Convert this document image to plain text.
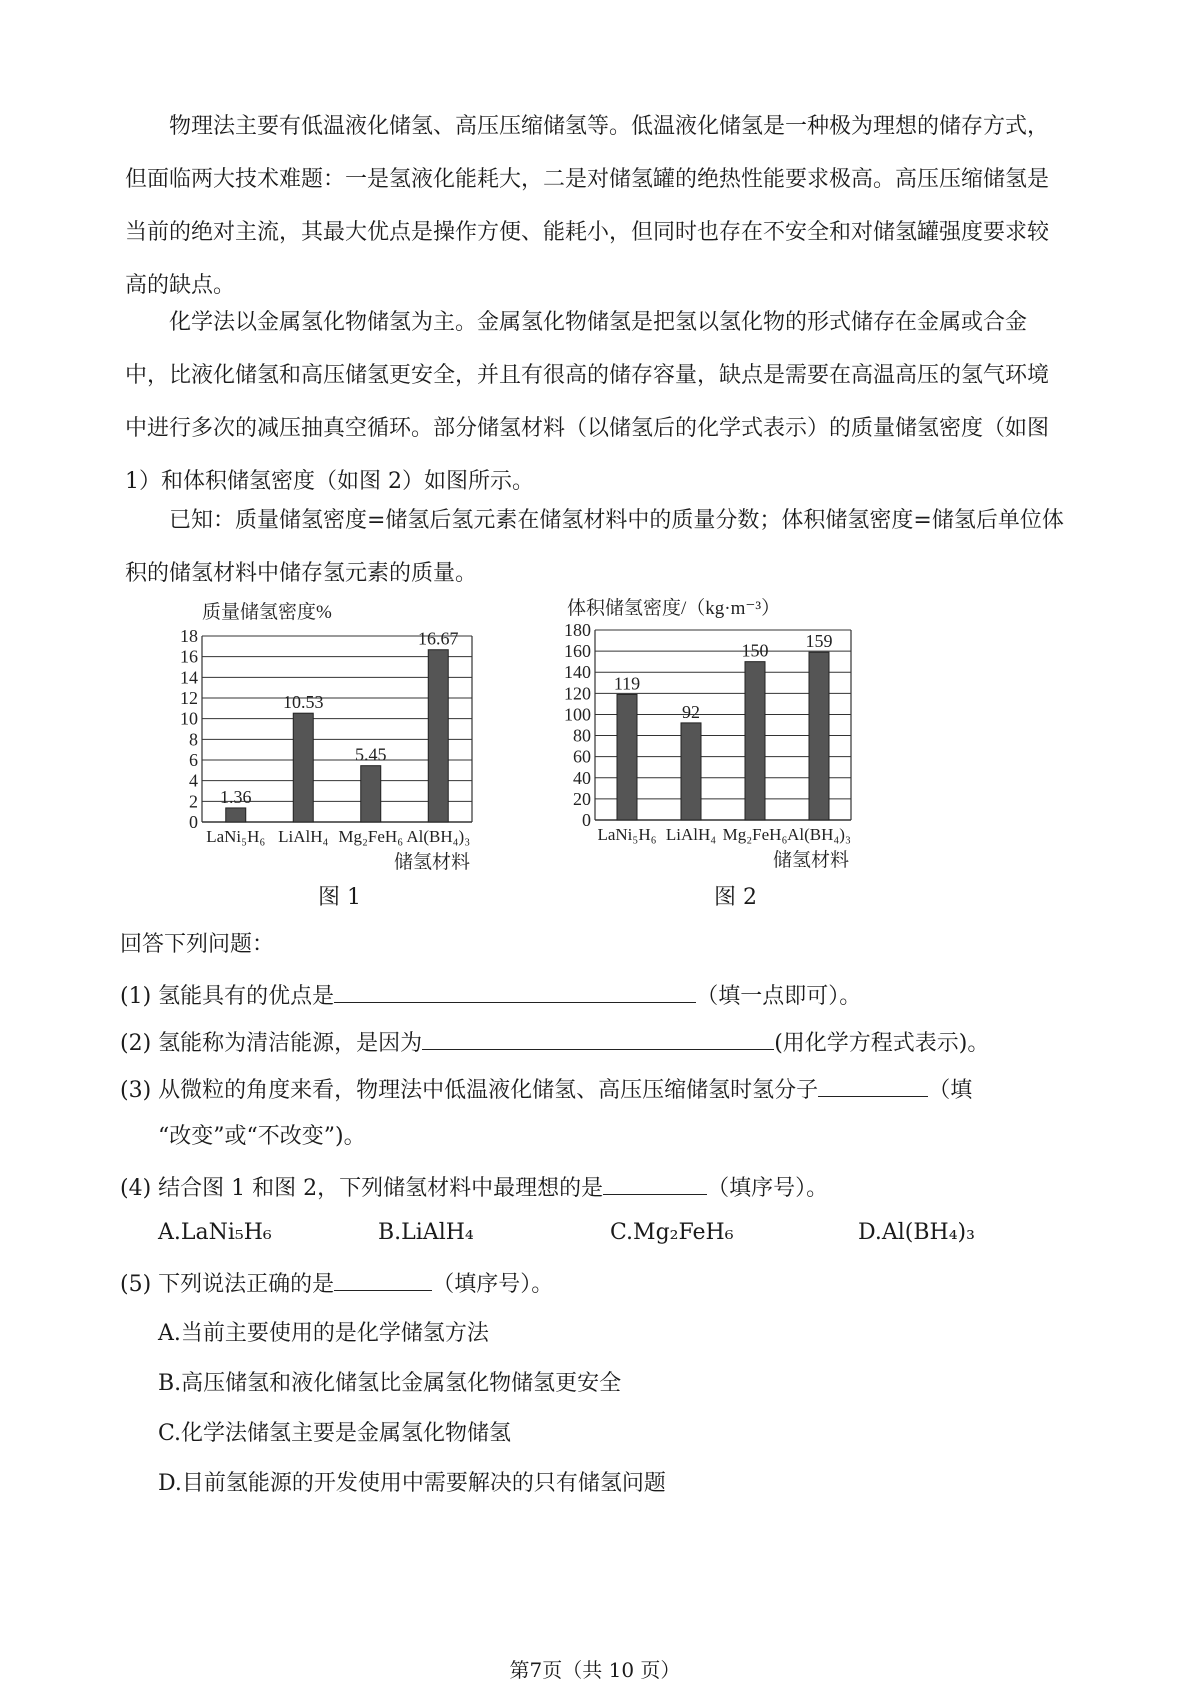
物理法主要有低温液化储氢、高压压缩储氢等。低温液化储氢是一种极为理想的储存方式，但面临两大技术难题：一是氢液化能耗大，二是对储氢罐的绝热性能要求极高。高压压缩储氢是当前的绝对主流，其最大优点是操作方便、能耗小，但同时也存在不安全和对储氢罐强度要求较高的缺点。

化学法以金属氢化物储氢为主。金属氢化物储氢是把氢以氢化物的形式储存在金属或合金中，比液化储氢和高压储氢更安全，并且有很高的储存容量，缺点是需要在高温高压的氢气环境中进行多次的减压抽真空循环。部分储氢材料（以储氢后的化学式表示）的质量储氢密度（如图 1）和体积储氢密度（如图 2）如图所示。

已知：质量储氢密度=储氢后氢元素在储氢材料中的质量分数；体积储氢密度=储氢后单位体积的储氢材料中储存氢元素的质量。

质量储氢密度%
0
2
4
6
8
10
12
14
16
18
1.36
LaNi₅H₆
10.53
LiAlH₄
5.45
Mg₂FeH₆
16.67
Al(BH₄)₃
储氢材料
体积储氢密度/（kg·m⁻³）
0
20
40
60
80
100
120
140
160
180
119
LaNi₅H₆
92
LiAlH₄
150
Mg₂FeH₆
159
Al(BH₄)₃
储氢材料
图 1	图 2
回答下列问题：
(1) 氢能具有的优点是	（填一点即可）。
(2) 氢能称为清洁能源，是因为	(用化学方程式表示)。
(3) 从微粒的角度来看，物理法中低温液化储氢、高压压缩储氢时氢分子	（填
“改变”或“不改变”)。
(4) 结合图 1 和图 2，下列储氢材料中最理想的是	（填序号）。
A.LaNi₅H₆	B.LiAlH₄	C.Mg₂FeH₆	D.Al(BH₄)₃
(5) 下列说法正确的是	（填序号）。
A.当前主要使用的是化学储氢方法
B.高压储氢和液化储氢比金属氢化物储氢更安全
C.化学法储氢主要是金属氢化物储氢
D.目前氢能源的开发使用中需要解决的只有储氢问题
第7页（共 10 页）
